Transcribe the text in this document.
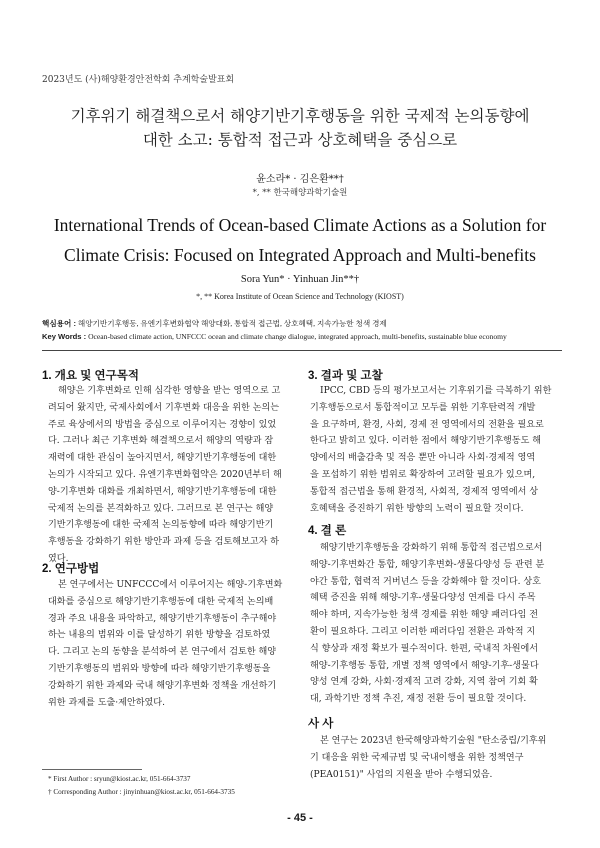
2023년도 (사)해양환경안전학회 추계학술발표회
기후위기 해결책으로서 해양기반기후행동을 위한 국제적 논의동향에
대한 소고: 통합적 접근과 상호혜택을 중심으로
윤소라* · 김은환**†
*, ** 한국해양과학기술원
International Trends of Ocean-based Climate Actions as a Solution for
Climate Crisis: Focused on Integrated Approach and Multi-benefits
Sora Yun* · Yinhuan Jin**†
*, ** Korea Institute of Ocean Science and Technology (KIOST)
핵심용어 : 해양기반기후행동, 유엔기후변화협약 해양대화, 통합적 접근법, 상호혜택, 지속가능한 청색 경제
Key Words : Ocean-based climate action, UNFCCC ocean and climate change dialogue, integrated approach, multi-benefits, sustainable blue economy
1. 개요 및 연구목적
해양은 기후변화로 인해 심각한 영향을 받는 영역으로 고
려되어 왔지만, 국제사회에서 기후변화 대응을 위한 논의는
주로 육상에서의 방법을 중심으로 이루어지는 경향이 있었
다. 그러나 최근 기후변화 해결책으로서 해양의 역량과 잠
재력에 대한 관심이 높아지면서, 해양기반기후행동에 대한
논의가 시작되고 있다. 유엔기후변화협약은 2020년부터 해
양-기후변화 대화를 개최하면서, 해양기반기후행동에 대한
국제적 논의를 본격화하고 있다. 그러므로 본 연구는 해양
기반기후행동에 대한 국제적 논의동향에 따라 해양기반기
후행동을 강화하기 위한 방안과 과제 등을 검토해보고자 하
였다.
2. 연구방법
본 연구에서는 UNFCCC에서 이루어지는 해양-기후변화
대화를 중심으로 해양기반기후행동에 대한 국제적 논의배
경과 주요 내용을 파악하고, 해양기반기후행동이 추구해야
하는 내용의 범위와 이를 달성하기 위한 방향을 검토하였
다. 그리고 논의 동향을 분석하여 본 연구에서 검토한 해양
기반기후행동의 범위와 방향에 따라 해양기반기후행동을
강화하기 위한 과제와 국내 해양기후변화 정책을 개선하기
위한 과제를 도출·제안하였다.
3. 결과 및 고찰
IPCC, CBD 등의 평가보고서는 기후위기를 극복하기 위한
기후행동으로서 통합적이고 모두를 위한 기후탄력적 개발
을 요구하며, 환경, 사회, 경제 전 영역에서의 전환을 필요로
한다고 밝히고 있다. 이러한 점에서 해양기반기후행동도 해
양에서의 배출감축 및 적응 뿐만 아니라 사회·경제적 영역
을 포섭하기 위한 범위로 확장하여 고려할 필요가 있으며,
통합적 접근법을 통해 환경적, 사회적, 경제적 영역에서 상
호혜택을 증진하기 위한 방향의 노력이 필요할 것이다.
4. 결 론
해양기반기후행동을 강화하기 위해 통합적 접근법으로서
해양-기후변화간 통합, 해양기후변화-생물다양성 등 관련 분
야간 통합, 협력적 거버넌스 등을 강화해야 할 것이다. 상호
혜택 증진을 위해 해양-기후-생물다양성 연계를 다시 주목
해야 하며, 지속가능한 청색 경제를 위한 해양 패러다임 전
환이 필요하다. 그리고 이러한 패러다임 전환은 과학적 지
식 향상과 재정 확보가 필수적이다. 한편, 국내적 차원에서
해양-기후행동 통합, 개별 정책 영역에서 해양-기후-생물다
양성 연계 강화, 사회·경제적 고려 강화, 지역 참여 기회 확
대, 과학기반 정책 추진, 재정 전환 등이 필요할 것이다.
사 사
본 연구는 2023년 한국해양과학기술원 "탄소중립/기후위
기 대응을 위한 국제규범 및 국내이행을 위한 정책연구
(PEA0151)" 사업의 지원을 받아 수행되었음.
* First Author : sryun@kiost.ac.kr, 051-664-3737
† Corresponding Author : jinyinhuan@kiost.ac.kr, 051-664-3735
- 45 -
